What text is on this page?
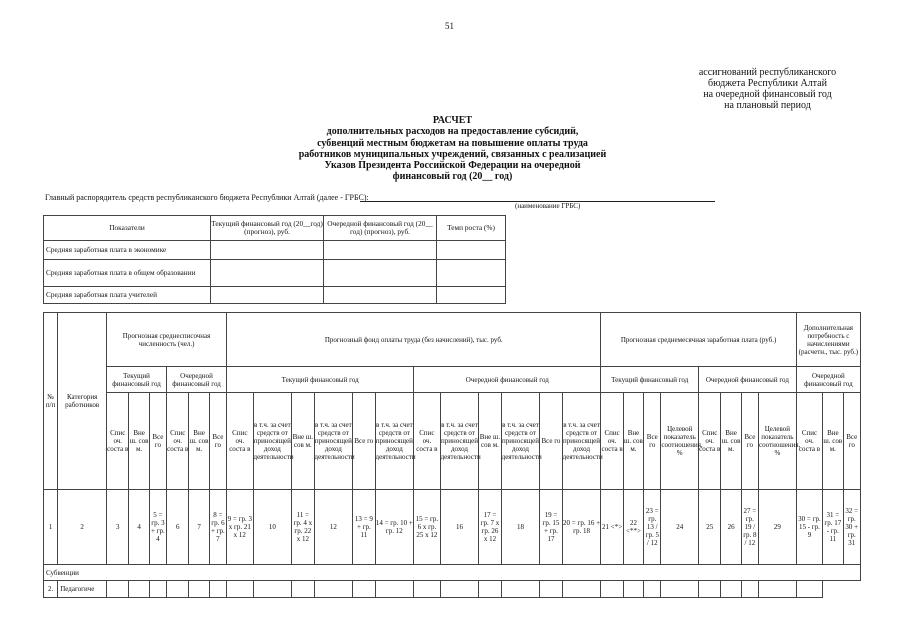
51
ассигнований республиканского
бюджета Республики Алтай
на очередной финансовый год
на плановый период
РАСЧЕТ
дополнительных расходов на предоставление субсидий,
субвенций местным бюджетам на повышение оплаты труда
работников муниципальных учреждений, связанных с реализацией
Указов Президента Российской Федерации на очередной
финансовый год (20__ год)
Главный распорядитель средств республиканского бюджета Республики Алтай (далее - ГРБС):
(наименование ГРБС)
Показатели	Текущий финансовый год (20__год) (прогноз), руб.	Очередной финансовый год (20__ год) (прогноз), руб.	Темп роста (%)
Средняя заработная плата в экономике			
Средняя заработная плата в общем образовании			
Средняя заработная плата учителей			
№ п/п	Категория работников	Прогнозная среднесписочная численность (чел.)						Прогнозный фонд оплаты труда (без начислений), тыс. руб.												Прогнозная среднемесячная заработная плата (руб.)								Дополнительная потребность с начислениями (расчетн., тыс. руб.)		
		Текущий финансовый год			Очередной финансовый год			Текущий финансовый год						Очередной финансовый год						Текущий финансовый год				Очередной финансовый год				Очередной финансовый год		

		Спис оч. соста в	Вне ш. сов м.	Все го	Спис оч. соста в	Вне ш. сов м.	Все го	Спис оч. соста в	в т.ч. за счет средств от приносящей доход деятельности	Вне ш. сов м.	в т.ч. за счет средств от приносящей доход деятельности	Все го	в т.ч. за счет средств от приносящей доход деятельности	Спис оч. соста в	в т.ч. за счет средств от приносящей доход деятельности	Вне ш. сов м.	в т.ч. за счет средств от приносящей доход деятельности	Все го	в т.ч. за счет средств от приносящей доход деятельности	Спис оч. соста в	Вне ш. сов м.	Все го	Целевой показатель соотношения, %	Спис оч. соста в	Вне ш. сов м.	Все го	Целевой показатель соотношения, %	Спис оч. соста в	Вне ш. сов м.	Все го
1	2	3	4	5 = гр. 3 + гр. 4	6	7	8 = гр. 6 + гр. 7	9 = гр. 3 х гр. 21 х 12	10	11 = гр. 4 х гр. 22 х 12	12	13 = 9 + гр. 11	14 = гр. 10 + гр. 12	15 = гр. 6 х гр. 25 х 12	16	17 = гр. 7 х гр. 26 х 12	18	19 = гр. 15 + гр. 17	20 = гр. 16 + гр. 18	21 <*>	22 <**>	23 = гр. 13 / гр. 5 / 12	24	25	26	27 = гр. 19 / гр. 8 / 12	29	30 = гр. 15 - гр. 9	31 = гр. 17 - гр. 11	32 = гр. 30 + гр. 31
Субвенции																														
2.	Педагогиче																													
